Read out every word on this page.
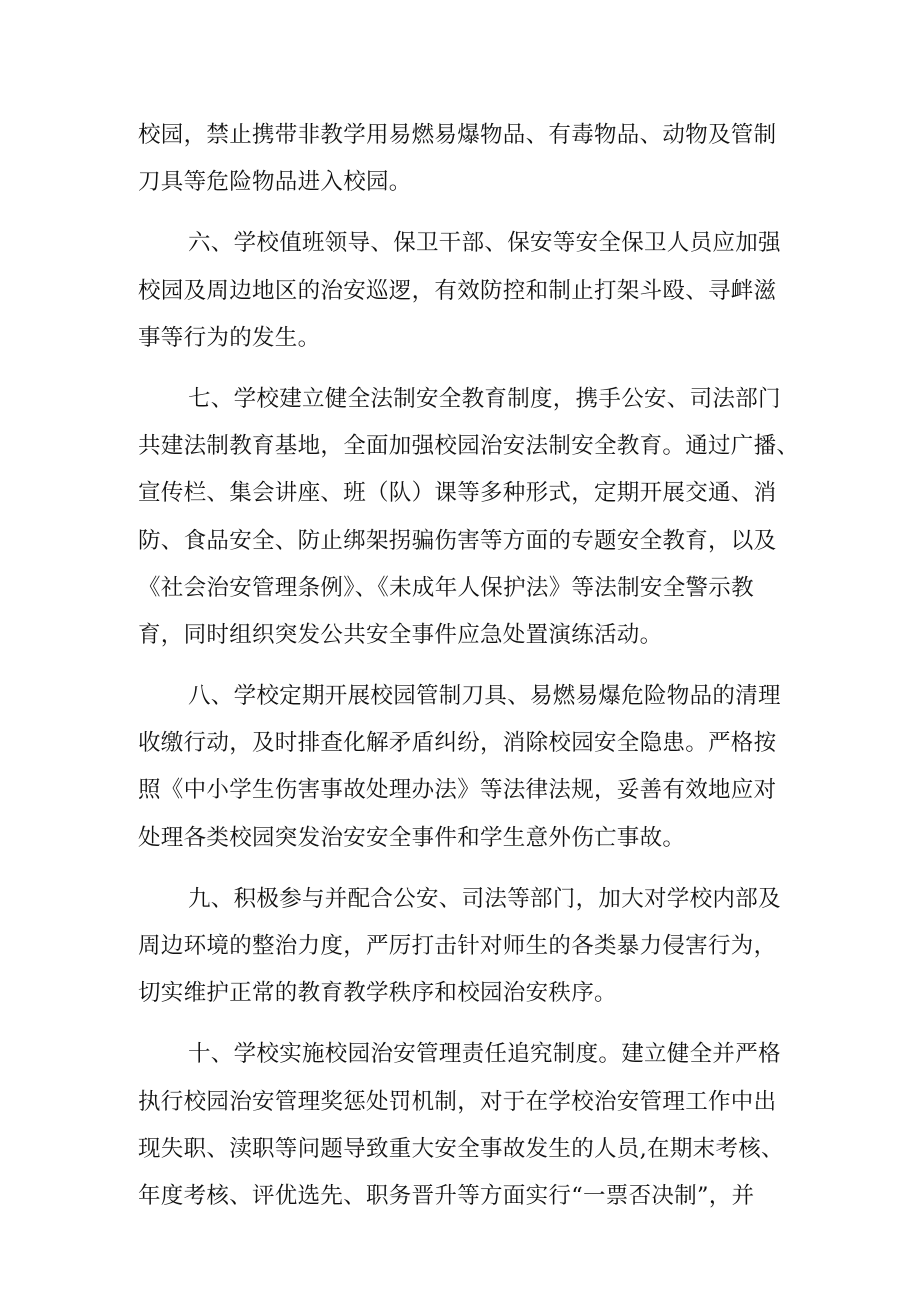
校园，禁止携带非教学用易燃易爆物品、有毒物品、动物及管制
刀具等危险物品进入校园。
六、学校值班领导、保卫干部、保安等安全保卫人员应加强
校园及周边地区的治安巡逻，有效防控和制止打架斗殴、寻衅滋
事等行为的发生。
七、学校建立健全法制安全教育制度，携手公安、司法部门
共建法制教育基地，全面加强校园治安法制安全教育。通过广播、
宣传栏、集会讲座、班（队）课等多种形式，定期开展交通、消
防、食品安全、防止绑架拐骗伤害等方面的专题安全教育，以及
《社会治安管理条例》、《未成年人保护法》等法制安全警示教
育，同时组织突发公共安全事件应急处置演练活动。
八、学校定期开展校园管制刀具、易燃易爆危险物品的清理
收缴行动，及时排查化解矛盾纠纷，消除校园安全隐患。严格按
照《中小学生伤害事故处理办法》等法律法规，妥善有效地应对
处理各类校园突发治安安全事件和学生意外伤亡事故。
九、积极参与并配合公安、司法等部门，加大对学校内部及
周边环境的整治力度，严厉打击针对师生的各类暴力侵害行为，
切实维护正常的教育教学秩序和校园治安秩序。
十、学校实施校园治安管理责任追究制度。建立健全并严格
执行校园治安管理奖惩处罚机制，对于在学校治安管理工作中出
现失职、渎职等问题导致重大安全事故发生的人员,在期末考核、
年度考核、评优选先、职务晋升等方面实行“一票否决制”，并
